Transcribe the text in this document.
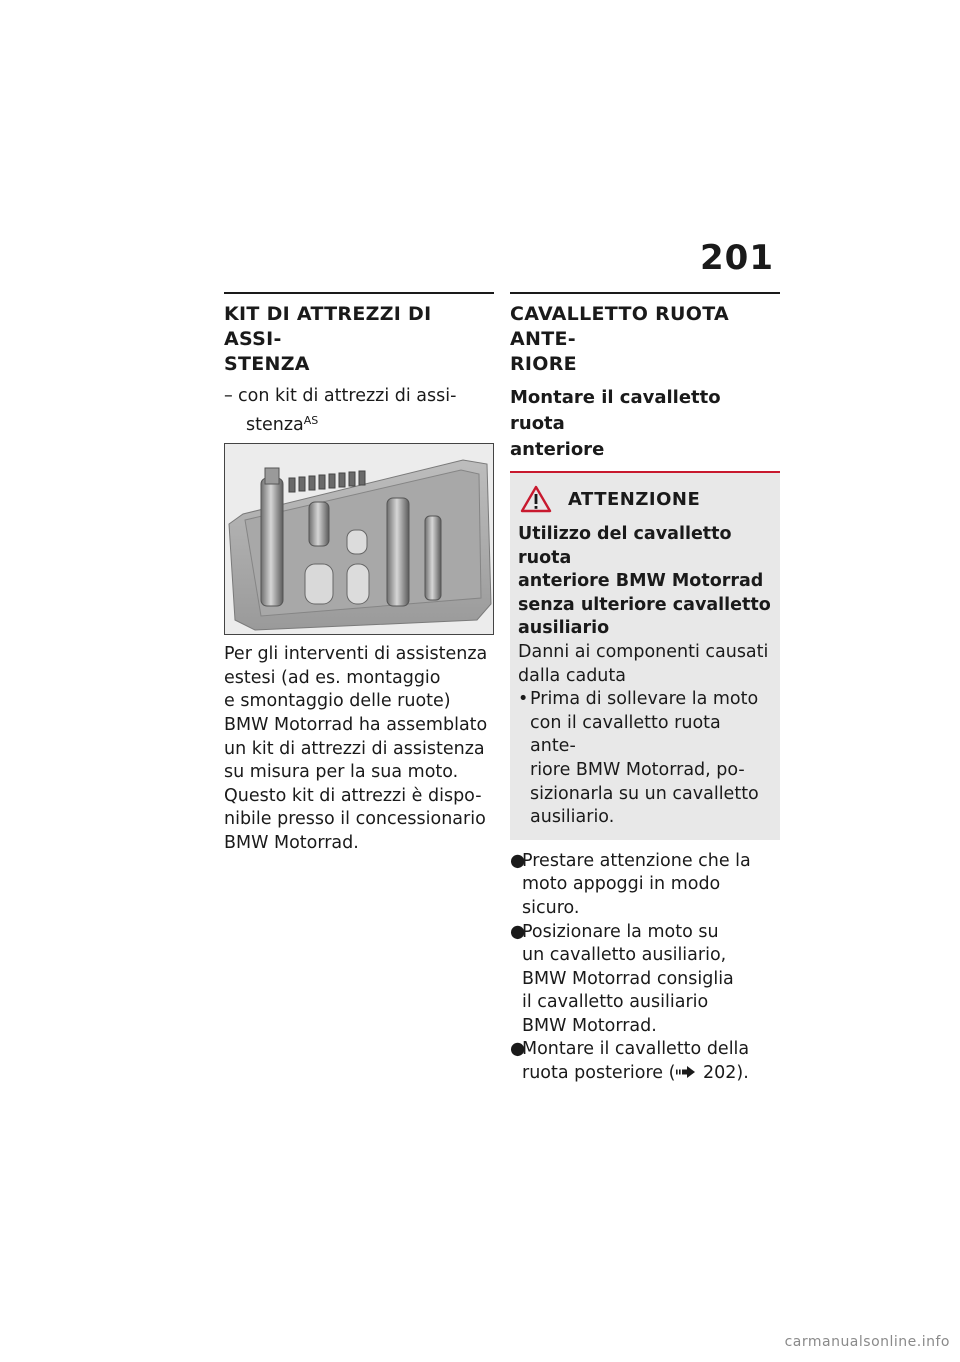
201
KIT DI ATTREZZI DI ASSI-
STENZA
– con kit di attrezzi di assi-
stenza$^{AS}$
Per gli interventi di assistenza
estesi (ad es. montaggio
e smontaggio delle ruote)
BMW Motorrad ha assemblato
un kit di attrezzi di assistenza
su misura per la sua moto.
Questo kit di attrezzi è dispo-
nibile presso il concessionario
BMW Motorrad.
CAVALLETTO RUOTA ANTE-
RIORE
Montare il cavalletto ruota
anteriore
ATTENZIONE
Utilizzo del cavalletto ruota
anteriore BMW Motorrad
senza ulteriore cavalletto
ausiliario
Danni ai componenti causati
dalla caduta
• Prima di sollevare la moto
con il cavalletto ruota ante-
riore BMW Motorrad, po-
sizionarla su un cavalletto
ausiliario.
●
Prestare attenzione che la
moto appoggi in modo sicuro.
●
Posizionare la moto su
un cavalletto ausiliario,
BMW Motorrad consiglia
il cavalletto ausiliario
BMW Motorrad.
●
Montare il cavalletto della
ruota posteriore ( 202).
carmanualsonline.info
